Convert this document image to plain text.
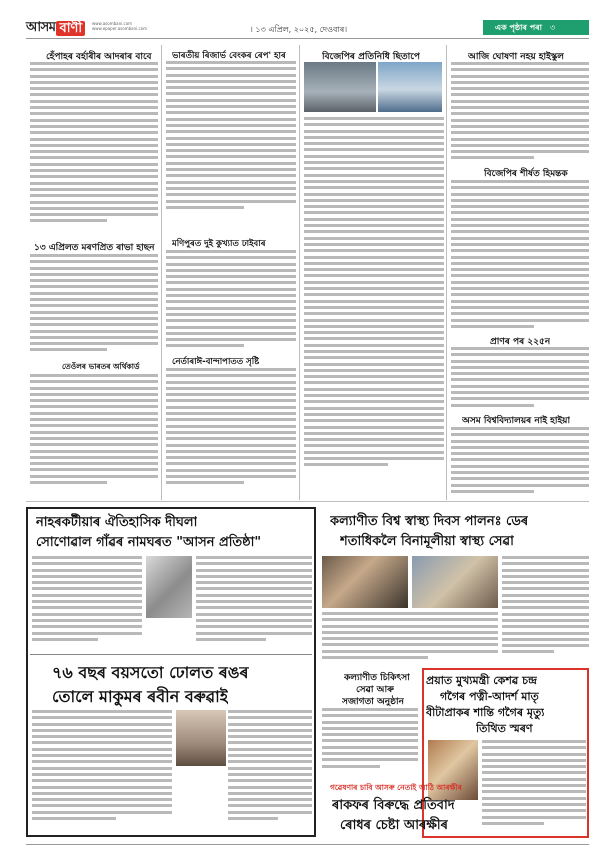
আসম বাণী	www.asombani.com
www.epaper.asombani.com	। ১৩ এপ্ৰিল, ২০২৫, দেওবাৰ।	এক পৃষ্ঠাৰ পৰা ৩
হেঁপাহৰ বৰ্হাৰীৰ আদৰাৰ বাবে
১৩ এপ্ৰিলত মৰণপ্ৰিত ৰাভা হাছন
তেওঁলৰ ভাৰতৰ অৰ্থিকাৰ্ড
ভাৰতীয় ৰিজাৰ্ভ বেংকৰ ৰেপ' হাৰ
মণিপুৰত দুই কুখ্যাত ঢাইবাৰ
নেৰ্তাৰাঈ-বান্দাপাতত সৃষ্টি
বিজেপিৰ প্ৰতিনিধি ছিতাপে	আজি ঘোষণা নহয় হাইস্কুল
বিজেপিৰ শীৰ্ষত হিমন্তক
প্ৰাণৰ পৰ ২২৫ন
অসম বিশ্ববিদ্যালয়ৰ নাই হাইয়া
নাহৰকটীয়াৰ ঐতিহাসিক দীঘলা
সোণোৱাল গাঁৱৰ নামঘৰত "আসন প্ৰতিষ্ঠা"
৭৬ বছৰ বয়সতো ঢোলত ৰঙৰ
তোলে মাকুমৰ ৰবীন বৰুৱাই
কল্যাণীত বিশ্ব স্বাস্থ্য দিবস পালনঃ ডেৰ
শতাধিকলৈ বিনামূলীয়া স্বাস্থ্য সেৱা
কল্যাণীত চিকিৎসা
সেৱা আৰু
সজাগতা অনুষ্ঠান
প্ৰয়াত মুখ্যমন্ত্ৰী কেশৱ চন্দ্ৰ
গগৈৰ পত্নী-আদৰ্শ মাতৃ
বীটাপ্ৰাকৰ শান্তি গগৈৰ মৃত্যু
তিথিত স্মৰণ
গৱেষণাৰ চাবি আসৰু নেতাই আঠি আৰক্ষীৰ
ৰাকফৰ বিৰুদ্ধে প্ৰতিবাদ
ৰোধৰ চেষ্টা আৰক্ষীৰ
